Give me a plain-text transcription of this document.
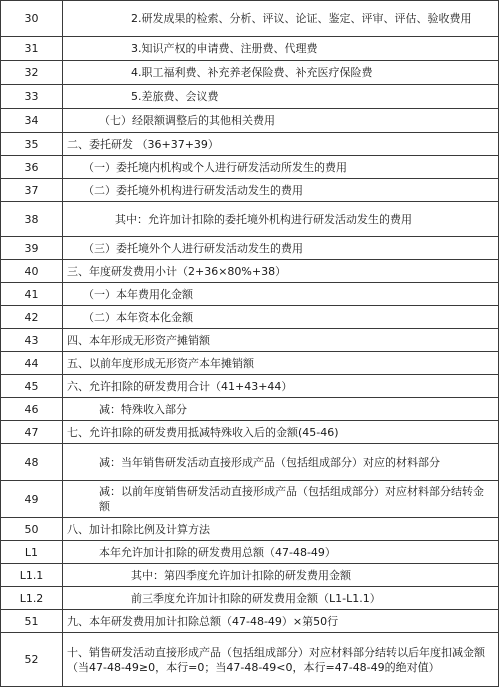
30	2.研发成果的检索、分析、评议、论证、鉴定、评审、评估、验收费用
31	3.知识产权的申请费、注册费、代理费
32	4.职工福利费、补充养老保险费、补充医疗保险费
33	5.差旅费、会议费
34	（七）经限额调整后的其他相关费用
35	二、委托研发 （36+37+39）
36	（一）委托境内机构或个人进行研发活动所发生的费用
37	（二）委托境外机构进行研发活动发生的费用
38	其中：允许加计扣除的委托境外机构进行研发活动发生的费用
39	（三）委托境外个人进行研发活动发生的费用
40	三、年度研发费用小计（2+36×80%+38）
41	（一）本年费用化金额
42	（二）本年资本化金额
43	四、本年形成无形资产摊销额
44	五、以前年度形成无形资产本年摊销额
45	六、允许扣除的研发费用合计（41+43+44）
46	减：特殊收入部分
47	七、允许扣除的研发费用抵减特殊收入后的金额(45-46)
48	减：当年销售研发活动直接形成产品（包括组成部分）对应的材料部分
49	减：以前年度销售研发活动直接形成产品（包括组成部分）对应材料部分结转金额
50	八、加计扣除比例及计算方法
L1	本年允许加计扣除的研发费用总额（47-48-49）
L1.1	其中：第四季度允许加计扣除的研发费用金额
L1.2	前三季度允许加计扣除的研发费用金额（L1-L1.1）
51	九、本年研发费用加计扣除总额（47-48-49）×第50行
52	十、销售研发活动直接形成产品（包括组成部分）对应材料部分结转以后年度扣减金额（当47-48-49≥0，本行=0；当47-48-49<0，本行=47-48-49的绝对值）
